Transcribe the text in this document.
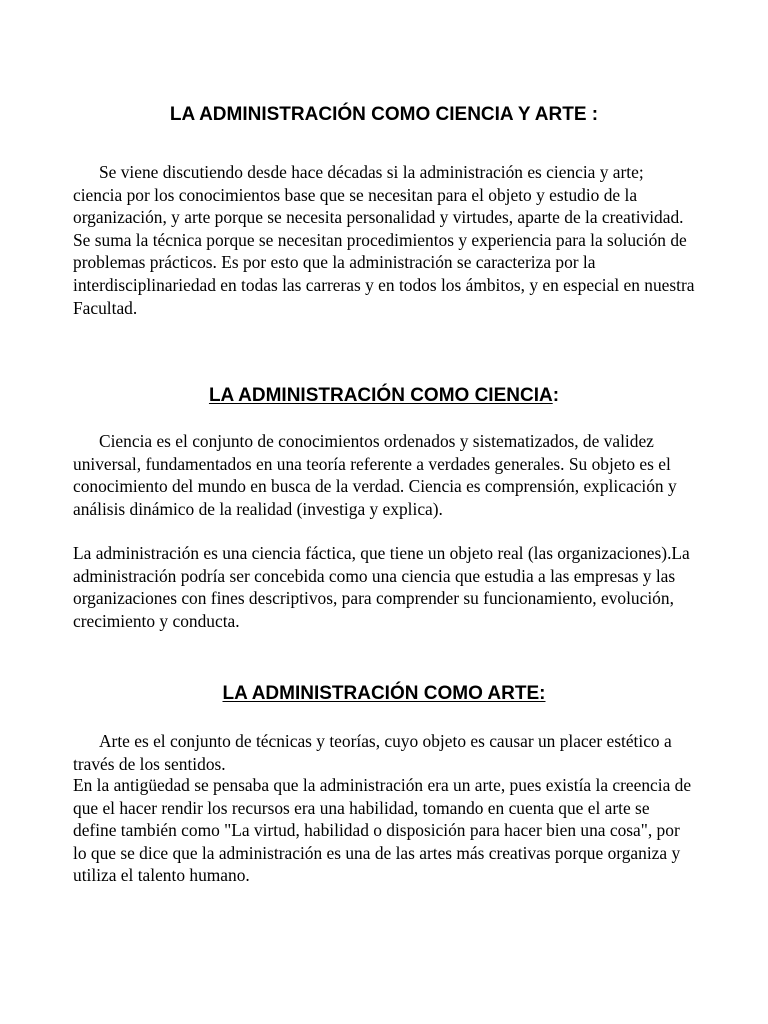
LA ADMINISTRACIÓN COMO CIENCIA Y ARTE :

Se viene discutiendo desde hace décadas si la administración es ciencia y arte; ciencia por los conocimientos base que se necesitan para el objeto y estudio de la organización, y arte porque se necesita personalidad y virtudes, aparte de la creatividad. Se suma la técnica porque se necesitan procedimientos y experiencia para la solución de problemas prácticos. Es por esto que la administración se caracteriza por la interdisciplinariedad en todas las carreras y en todos los ámbitos, y en especial en nuestra Facultad.

LA ADMINISTRACIÓN COMO CIENCIA:

Ciencia es el conjunto de conocimientos ordenados y sistematizados, de validez universal, fundamentados en una teoría referente a verdades generales. Su objeto es el conocimiento del mundo en busca de la verdad. Ciencia es comprensión, explicación y análisis dinámico de la realidad (investiga y explica).

La administración es una ciencia fáctica, que tiene un objeto real (las organizaciones).La administración podría ser concebida como una ciencia que estudia a las empresas y las organizaciones con fines descriptivos, para comprender su funcionamiento, evolución, crecimiento y conducta.

LA ADMINISTRACIÓN COMO ARTE:

Arte es el conjunto de técnicas y teorías, cuyo objeto es causar un placer estético a través de los sentidos.

En la antigüedad se pensaba que la administración era un arte, pues existía la creencia de que el hacer rendir los recursos era una habilidad, tomando en cuenta que el arte se define también como "La virtud, habilidad o disposición para hacer bien una cosa", por lo que se dice que la administración es una de las artes más creativas porque organiza y utiliza el talento humano.
